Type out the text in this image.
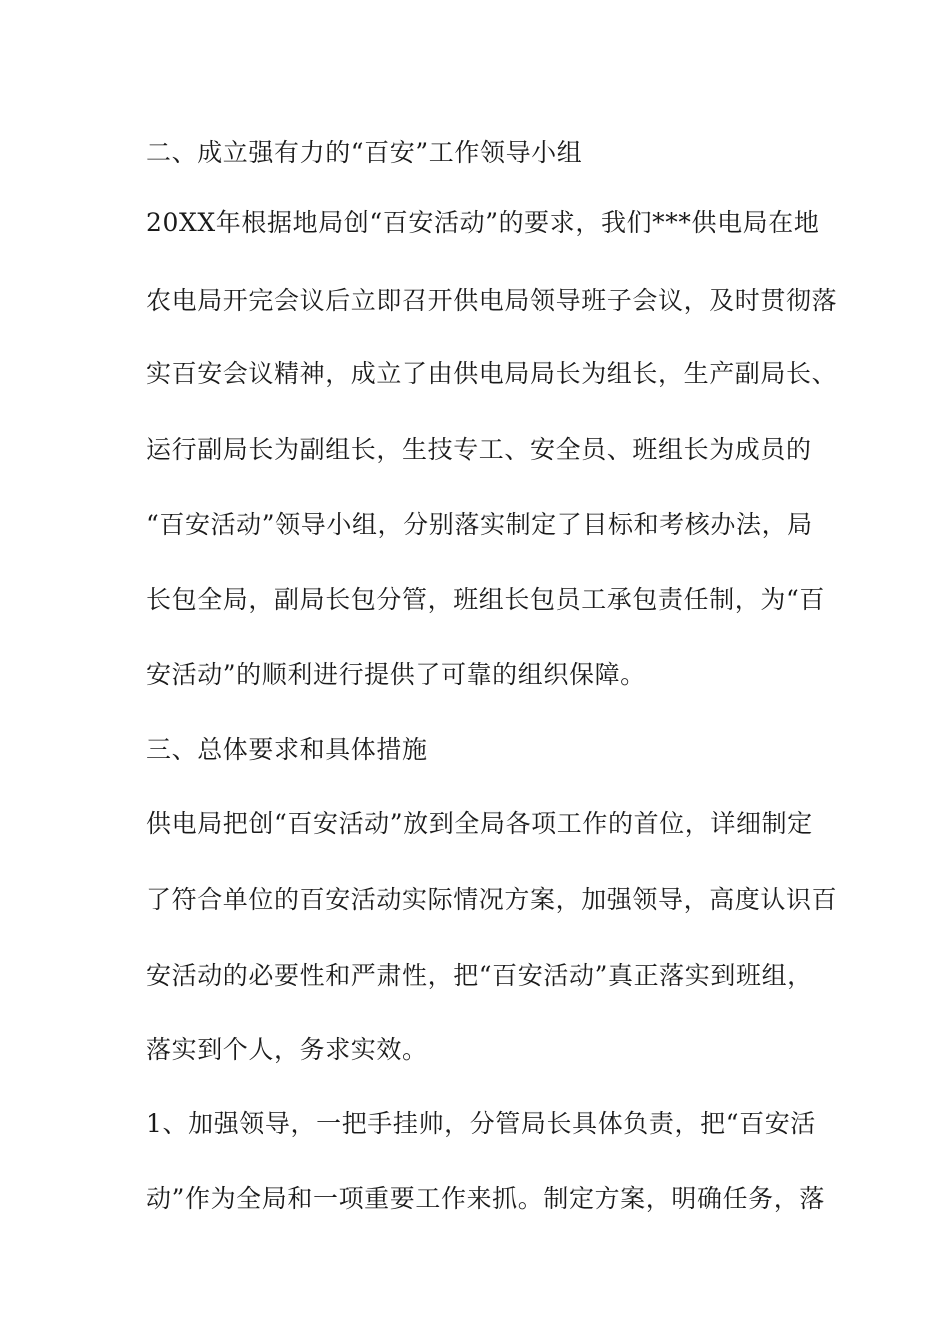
二、成立强有力的“百安”工作领导小组
20XX年根据地局创“百安活动”的要求，我们***供电局在地
农电局开完会议后立即召开供电局领导班子会议，及时贯彻落
实百安会议精神，成立了由供电局局长为组长，生产副局长、
运行副局长为副组长，生技专工、安全员、班组长为成员的
“百安活动”领导小组，分别落实制定了目标和考核办法，局
长包全局，副局长包分管，班组长包员工承包责任制，为“百
安活动”的顺利进行提供了可靠的组织保障。
三、总体要求和具体措施
供电局把创“百安活动”放到全局各项工作的首位，详细制定
了符合单位的百安活动实际情况方案，加强领导，高度认识百
安活动的必要性和严肃性，把“百安活动”真正落实到班组，
落实到个人，务求实效。
1、加强领导，一把手挂帅，分管局长具体负责，把“百安活
动”作为全局和一项重要工作来抓。制定方案，明确任务，落
